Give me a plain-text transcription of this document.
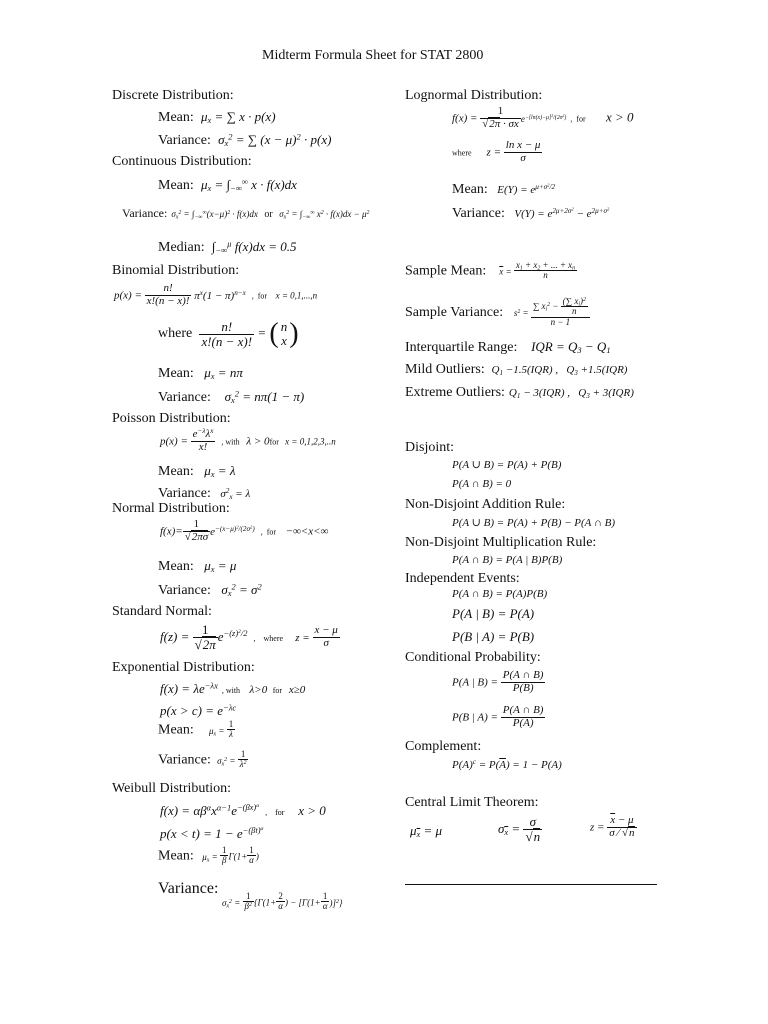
Midterm Formula Sheet for STAT 2800
Discrete Distribution:
Mean:  $\mu_x$ = ∑ x · p(x)
Variance:  $\sigma_x^2$ = ∑ $(x - \mu)^2 \cdot p(x)$
Continuous Distribution:
Mean:  $\mu_x = \int_{-\infty}^\infty$ x · f(x)dx
Variance: $\sigma_x^2 = \int_{-\infty}^\infty(x-\mu)^2 \cdot f(x)dx$  or  $\sigma_x^2 = \int_{-\infty}^\infty$ $x^2 \cdot f(x)dx - \mu^2$
Median:  $\int_{-\infty}^\mu$ f(x)dx = 0.5
Binomial Distribution:
$p(x) = \frac{n!}{x!(n - x)!} \pi^x(1 - \pi)^{n-x}$  ,  for   x = 0,1,...,n
where $\frac{n!}{x!(n - x)!}$ = ( n
x )
Mean:   $\mu_x = n\pi$
Variance:    $\sigma_x^2 = n\pi(1 - \pi)$
Poisson Distribution:
$p(x) = \frac{e^{-\lambda}\lambda^x}{x!}$ , with  λ > 0for  x = 0,1,2,3,..n
Mean:   $\mu_x = \lambda$
Variance:   $\sigma^2_x = \lambda$
Normal Distribution:
$f(x)= \frac{1}{√2\pi\sigma} e^{-(x-\mu)^2/(2\sigma^2)}$  ,  for   −∞<x<∞
Mean:   $\mu_x = \mu$
Variance:   $\sigma_x^2 = \sigma^2$
Standard Normal:
$f(z) = \frac{1}{√2\pi} e^{-(z)^2/2}$  ,    where    $z = \frac{x - \mu}{\sigma}$
Exponential Distribution:
$f(x) = \lambda e^{-\lambda x}$ , with   λ>0  for  x≥0
$p(x > c) = e^{-\lambda c}$
Mean:      $\mu_x = \frac{1}{\lambda}$
Variance:  $\sigma_x^2 = \frac{1}{\lambda^2}$
Weibull Distribution:
$f(x) = \alpha\beta^\alpha x^{\alpha-1}e^{-(\beta x)^\alpha}$  ,    for    x > 0
$p(x < t) = 1 - e^{-(\beta t)^\alpha}$
Mean:   $\mu_x = \frac{1}{\beta} \Gamma(1+ \frac{1}{\alpha}$ )
Variance:
$\sigma_x^2 = \frac{1}{\beta^2} \{\Gamma(1+ \frac{2}{\alpha}$ ) − $[\Gamma(1+ \frac{1}{\alpha} )]^2$}
Lognormal Distribution:
$f(x) = \frac{1}{√2\pi \cdot \sigma x} e^{-[ln(x)-\mu]^2/(2\sigma^2)}$ ,  for      x > 0
where     $z = \frac{\text{ln x − μ}}{\sigma}$
Mean:   $E(Y) = e^{\mu+\sigma^2/2}$
Variance:   $V(Y) = e^{2\mu+2\sigma^2} - e^{2\mu+\sigma^2}$
Sample Mean: $\overline{x} = \frac{x_1 + x_2 + ... + x_n}{n}$
Sample Variance:    $s^2 = \frac{\sum x_i^2 - \frac{(\sum x_i)^2}{n}}{n - 1}$
Interquartile Range:    IQR = $Q_3 - Q_1$
Mild Outliers:  $Q_1 -1.5(IQR)$ ,   $Q_3 +1.5(IQR)$
Extreme Outliers: $Q_1 - 3(IQR)$ ,   $Q_3 + 3(IQR)$
Disjoint:
P(A ∪ B) = P(A) + P(B)
P(A ∩ B) = 0
Non-Disjoint Addition Rule:
P(A ∪ B) = P(A) + P(B) − P(A ∩ B)
Non-Disjoint Multiplication Rule:
P(A ∩ B) = P(A | B)P(B)
Independent Events:
P(A ∩ B) = P(A)P(B)
P(A | B) = P(A)
P(B | A) = P(B)
Conditional Probability:
P(A | $B) = \frac{P(A \cap B)}{P(B)}$
P(B | $A) = \frac{P(A \cap B)}{P(A)}$
Complement:
$P(A)^c = P(\overline{A}) = 1 - P(A)$
Central Limit Theorem:
$\mu_{\overline{x}} = \mu$	$\sigma_{\overline{x}} = \frac{\sigma}{√n}$	$z = \frac{\overline{x} - \mu}{\sigma ∕ √n}$
